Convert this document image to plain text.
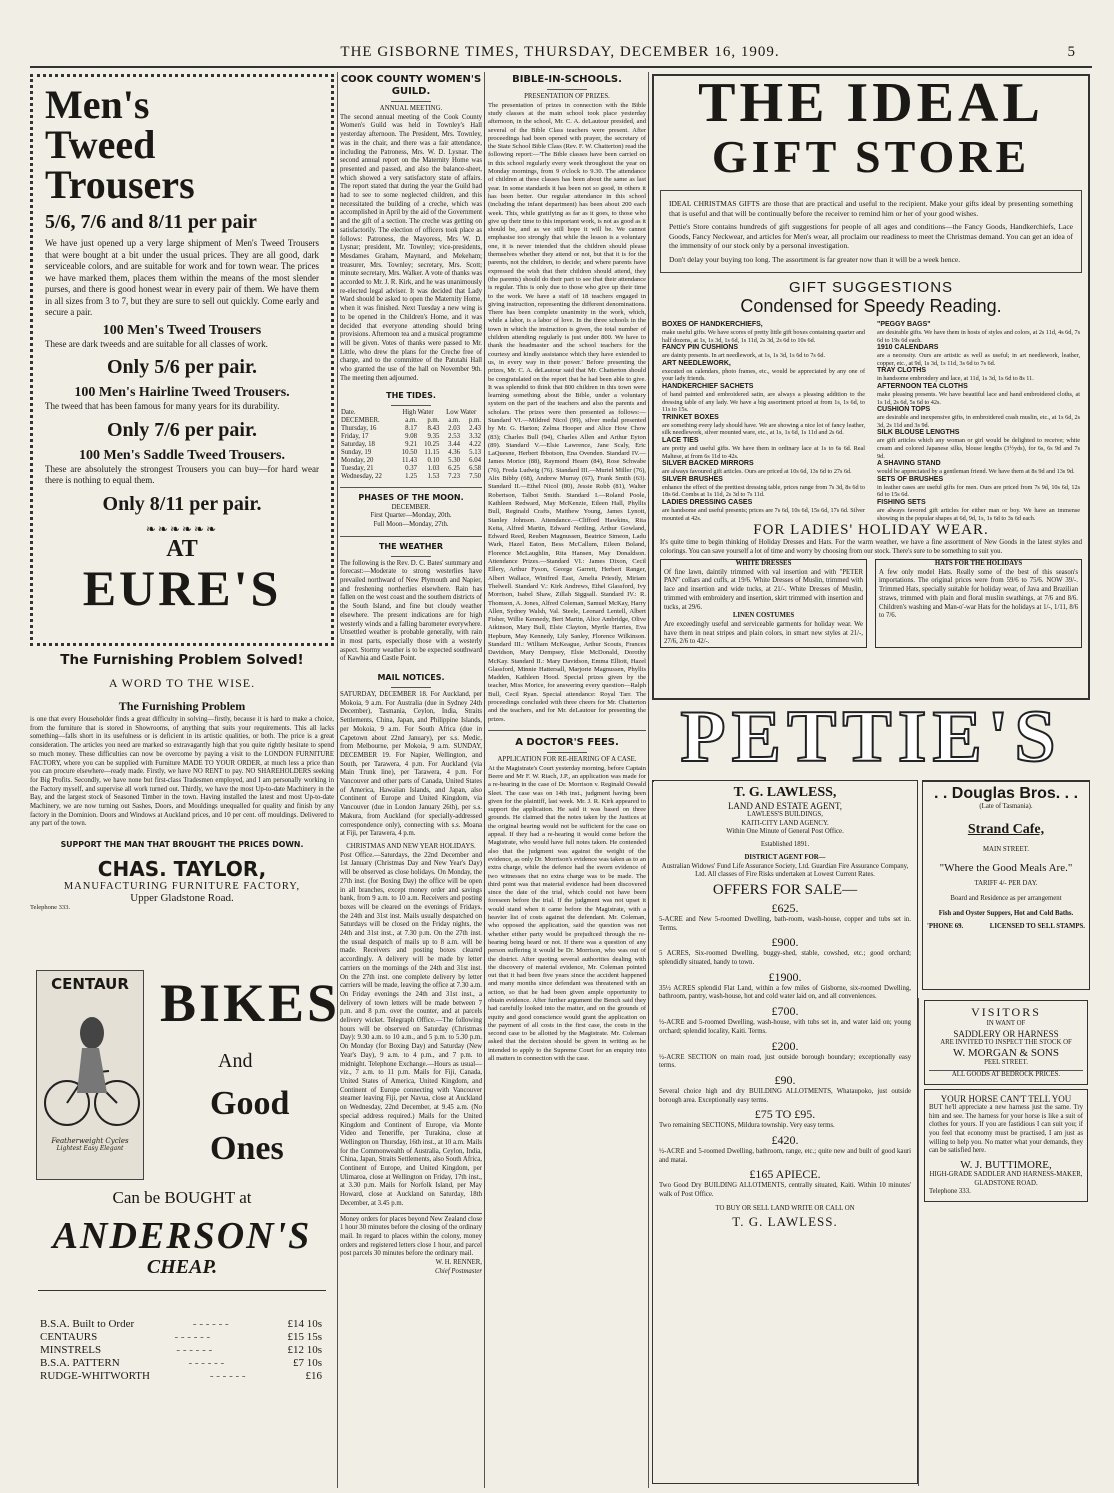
THE GISBORNE TIMES, THURSDAY, DECEMBER 16, 1909.	5
Men's
Tweed
Trousers
5/6, 7/6 and 8/11 per pair
We have just opened up a very large shipment of Men's Tweed Trousers that were bought at a bit under the usual prices. They are all good, dark serviceable colors, and are suitable for work and for town wear. The prices we have marked them, places them within the means of the most slender purses, and there is good honest wear in every pair of them. We have them in all sizes from 3 to 7, but they are sure to sell out quickly. Come early and secure a pair.
100 Men's Tweed Trousers
These are dark tweeds and are suitable for all classes of work.
Only 5/6 per pair.
100 Men's Hairline Tweed Trousers.
The tweed that has been famous for many years for its durability.
Only 7/6 per pair.
100 Men's Saddle Tweed Trousers.
These are absolutely the strongest Trousers you can buy—for hard wear there is nothing to equal them.
Only 8/11 per pair.
❧❧❧❧❧❧
AT
EURE'S
The Furnishing Problem Solved!
A WORD TO THE WISE.
The Furnishing Problem
is one that every Householder finds a great difficulty in solving—firstly, because it is hard to make a choice, from the furniture that is stored in Showrooms, of anything that suits your requirements. This all lacks something—falls short in its usefulness or is deficient in its artistic qualities, or both. The price is a great consideration. The articles you need are marked so extravagantly high that you quite rightly hesitate to spend so much money. These difficulties can now be overcome by paying a visit to the LONDON FURNITURE FACTORY, where you can be supplied with Furniture MADE TO YOUR ORDER, at much less a price than you can procure elsewhere—ready made. Firstly, we have NO RENT to pay. NO SHAREHOLDERS seeking for Big Profits. Secondly, we have none but first-class Tradesmen employed, and I am personally working in the Factory myself, and supervise all work turned out. Thirdly, we have the most Up-to-date Machinery in the Bay, and the largest stock of Seasoned Timber in the town. Having installed the latest and most Up-to-date Machinery, we are now turning out Sashes, Doors, and Mouldings unequalled for quality and finish by any factory in the Dominion. Doors and Windows at Auckland prices, and 10 per cent. off mouldings. Delivered to any part of the town.
SUPPORT THE MAN THAT BROUGHT THE PRICES DOWN.
CHAS. TAYLOR,
MANUFACTURING FURNITURE FACTORY,
Upper Gladstone Road.
Telephone 333.
CENTAUR
Featherweight Cycles
Lightest Easy Elegant
BIKES
And
Good
Ones
Can be BOUGHT at
ANDERSON'S
CHEAP.
B.S.A. Built to Order	- - - - - -	£14 10s
CENTAURS	- - - - - -	£15 15s
MINSTRELS	- - - - - -	£12 10s
B.S.A. PATTERN	- - - - - -	£7 10s
RUDGE-WHITWORTH	- - - - - -	£16
COOK COUNTY WOMEN'S GUILD.
ANNUAL MEETING.
The second annual meeting of the Cook County Women's Guild was held in Townley's Hall yesterday afternoon. The President, Mrs. Townley, was in the chair, and there was a fair attendance, including the Patroness, Mrs. W. D. Lysnar. The second annual report on the Maternity Home was presented and passed, and also the balance-sheet, which showed a very satisfactory state of affairs. The report stated that during the year the Guild had had to see to some neglected children, and this necessitated the building of a creche, which was accomplished in April by the aid of the Government and the gift of a section. The creche was getting on satisfactorily. The election of officers took place as follows: Patroness, the Mayoress, Mrs W. D. Lysnar; president, Mr. Townley; vice-presidents, Mesdames Graham, Maynard, and Mekeham; treasurer, Mrs. Townley; secretary, Mrs. Scott; minute secretary, Mrs. Walker. A vote of thanks was accorded to Mr. J. R. Kirk, and he was unanimously re-elected legal adviser. It was decided that Lady Ward should be asked to open the Maternity Home, when it was finished. Next Tuesday a new wing is to be opened in the Children's Home, and it was decided that everyone attending should bring provisions. Afternoon tea and a musical programme will be given. Votes of thanks were passed to Mr. Little, who drew the plans for the Creche free of charge, and to the committee of the Patutahi Hall who granted the use of the hall on November 9th. The meeting then adjourned.
THE TIDES.
Date.	High Water		Low Water	
DECEMBER.	a.m.	p.m.	a.m.	p.m.
Thursday, 16	8.17	8.43	2.03	2.43
Friday, 17	9.08	9.35	2.53	3.32
Saturday, 18	9.21	10.25	3.44	4.22
Sunday, 19	10.50	11.15	4.36	5.13
Monday, 20	11.43	0.10	5.30	6.04
Tuesday, 21	0.37	1.03	6.25	6.58
Wednesday, 22	1.25	1.53	7.23	7.50
PHASES OF THE MOON.
DECEMBER.
First Quarter—Monday, 20th.
Full Moon—Monday, 27th.
THE WEATHER
The following is the Rev. D. C. Bates' summary and forecast:—Moderate to strong westerlies have prevailed northward of New Plymouth and Napier, and freshening northerlies elsewhere. Rain has fallen on the west coast and the southern districts of the South Island, and fine but cloudy weather elsewhere. The present indications are for high westerly winds and a falling barometer everywhere. Unsettled weather is probable generally, with rain in most parts, especially those with a westerly aspect. Stormy weather is to be expected southward of Kawhia and Castle Point.
MAIL NOTICES.
SATURDAY, DECEMBER 18. For Auckland, per Mokoia, 9 a.m. For Australia (due in Sydney 24th December), Tasmania, Ceylon, India, Straits Settlements, China, Japan, and Philippine Islands, per Mokoia, 9 a.m. For South Africa (due in Capetown about 22nd January), per s.s. Medic, from Melbourne, per Mokoia, 9 a.m. SUNDAY, DECEMBER 19. For Napier, Wellington, and South, per Tarawera, 4 p.m. For Auckland (via Main Trunk line), per Tarawera, 4 p.m. For Vancouver and other parts of Canada, United States of America, Hawaiian Islands, and Japan, also Continent of Europe and United Kingdom, via Vancouver (due in London January 26th), per s.s. Makura, from Auckland (for specially-addressed correspondence only), connecting with s.s. Moana at Fiji, per Tarawera, 4 p.m.
CHRISTMAS AND NEW YEAR HOLIDAYS.
Post Office.—Saturdays, the 22nd December and 1st January (Christmas Day and New Year's Day) will be observed as close holidays. On Monday, the 27th inst. (for Boxing Day) the office will be open in all branches, except money order and savings bank, from 9 a.m. to 10 a.m. Receivers and posting boxes will be cleared on the evenings of Fridays, the 24th and 31st inst. Mails usually despatched on Saturdays will be closed on the Friday nights, the 24th and 31st inst., at 7.30 p.m. On the 27th inst. the usual despatch of mails up to 8 a.m. will be made. Receivers and posting boxes cleared accordingly. A delivery will be made by letter carriers on the mornings of the 24th and 31st inst. On the 27th inst. one complete delivery by letter carriers will be made, leaving the office at 7.30 a.m. On Friday evenings the 24th and 31st inst., a delivery of town letters will be made between 7 p.m. and 8 p.m. over the counter, and at parcels delivery wicket. Telegraph Office.—The following hours will be observed on Saturday (Christmas Day): 9.30 a.m. to 10 a.m., and 5 p.m. to 5.30 p.m. On Monday (for Boxing Day) and Saturday (New Year's Day), 9 a.m. to 4 p.m., and 7 p.m. to midnight. Telephone Exchange.—Hours as usual—viz., 7 a.m. to 11 p.m. Mails for Fiji, Canada, United States of America, United Kingdom, and Continent of Europe connecting with Vancouver steamer leaving Fiji, per Navua, close at Auckland on Wednesday, 22nd December, at 9.45 a.m. (No special address required.) Mails for the United Kingdom and Continent of Europe, via Monte Video and Teneriffe, per Turakina, close at Wellington on Thursday, 16th inst., at 10 a.m. Mails for the Commonwealth of Australia, Ceylon, India, China, Japan, Straits Settlements, also South Africa, Continent of Europe, and United Kingdom, per Ulimaroa, close at Wellington on Friday, 17th inst., at 3.30 p.m. Mails for Norfolk Island, per May Howard, close at Auckland on Saturday, 18th December, at 3.45 p.m.
Money orders for places beyond New Zealand close 1 hour 30 minutes before the closing of the ordinary mail. In regard to places within the colony, money orders and registered letters close 1 hour, and parcel post parcels 30 minutes before the ordinary mail.
W. H. RENNER,
Chief Postmaster
BIBLE-IN-SCHOOLS.
PRESENTATION OF PRIZES.
The presentation of prizes in connection with the Bible study classes at the main school took place yesterday afternoon, in the school, Mr. C. A. deLautour presided, and several of the Bible Class teachers were present. After proceedings had been opened with prayer, the secretary of the State School Bible Class (Rev. F. W. Chatterton) read the following report:—'The Bible classes have been carried on in this school regularly every week throughout the year on Monday mornings, from 9 o'clock to 9.30. The attendance of children at these classes has been about the same as last year. In some standards it has been not so good, in others it has been better. Our regular attendance in this school (including the infant department) has been about 200 each week. This, while gratifying as far as it goes, to those who give up their time to this important work, is not as good as it should be, and as we still hope it will be. We cannot emphasise too strongly that while the lesson is a voluntary one, it is never intended that the children should please themselves whether they attend or not, but that it is for the parents, not the children, to decide; and where parents have expressed the wish that their children should attend, they (the parents) should do their part to see that their attendance is regular. This is only due to those who give up their time to the work. We have a staff of 18 teachers engaged in giving instruction, representing the different denominations. There has been complete unanimity in the work, which, while a labor, is a labor of love. In the three schools in the town in which the instruction is given, the total number of children attending regularly is just under 800. We have to thank the headmaster and the school teachers for the courtesy and kindly assistance which they have extended to us, in every way in their power.' Before presenting the prizes, Mr. C. A. deLautour said that Mr. Chatterton should be congratulated on the report that he had been able to give. It was splendid to think that 800 children in this town were learning something about the Bible, under a voluntary system on the part of the teachers and also the parents and scholars. The prizes were then presented as follows:— Standard VI.—Mildred Nicol (99), silver medal presented by Mr. G. Harton; Zelma Hooper and Alice How Chow (83); Charles Bull (94), Charles Allen and Arthur Eyton (89). Standard V.—Elsie Lawrence, Jane Scaly, Eric LaQuesne, Herbert Ibbotson, Ena Ovenden. Standard IV.—James Morice (88), Raymond Hearn (84), Rose Schwabe (76), Freda Ludwig (76). Standard III.—Muriel Miller (76), Alix Bibby (68), Andrew Murray (67), Frank Smith (63). Standard II.—Ethel Nicol (80), Jessie Robb (81), Walter Robertson, Talbot Smith. Standard I.—Roland Poole, Kathleen Redward, May McKenzie, Eileen Hall, Phyllis Bull, Reginald Crafts, Matthew Young, James Lynott, Stanley Johnson. Attendance.—Clifford Hawkins, Rita Keita, Alfred Martin, Edward Nettling, Arthur Gowland, Edward Reed, Reuben Magnussen, Beatrice Simeon, Ladu Wark, Hazel Eaton, Bess McCallum, Eileen Boland, Florence McLaughlin, Rita Hansen, May Donaldson. Attendance Prizes.—Standard VI.: James Dixon, Cecil Ellery, Arthur Fyson, George Garrett, Herbert Ranger, Albert Wallace, Winifred East, Amelia Priestly, Miriam Thelwell. Standard V.: Kirk Andrews, Ethel Glassford, Ivy Morrison, Isabel Shaw, Zillah Siggsall. Standard IV.: R. Thomson, A. Jones, Alfred Coleman, Samuel McKay, Harry Allen, Sydney Walsh, Val. Steele, Leonard Lentell, Albert Fisher, Willie Kennedy, Bert Martin, Alice Ambridge, Olive Atkinson, Mary Bull, Elsie Clayton, Myrtle Harries, Eva Hepburn, May Kennedy, Lily Sanley, Florence Wilkinson. Standard III.: William McKeague, Arthur Scouts, Frances Davidson, Mary Dempsey, Elsie McDonald, Dorothy McKay. Standard II.: Mary Davidson, Emma Elliott, Hazel Glassford, Minnie Hattersall, Marjorie Magnussen, Phyllis Madden, Kathleen Hood. Special prizes given by the teacher, Miss Morice, for answering every question—Ralph Bull, Cecil Ryan. Special attendance: Royal Tarr. The proceedings concluded with three cheers for Mr. Chatterton and the teachers, and for Mr. deLautour for presenting the prizes.
A DOCTOR'S FEES.
APPLICATION FOR RE-HEARING OF A CASE.
At the Magistrate's Court yesterday morning, before Captain Beere and Mr F. W. Riach, J.P., an application was made for a re-hearing in the case of Dr. Morrison v. Reginald Oswald Sleet. The case was on 14th inst., judgment having been given for the plaintiff, last week. Mr. J. R. Kirk appeared to support the application. He said it was based on three grounds. He claimed that the notes taken by the Justices at the original hearing would not be sufficient for the case on appeal. If they had a re-hearing it would come before the Magistrate, who would have full notes taken. He contended also that the judgment was against the weight of the evidence, as only Dr. Morrison's evidence was taken as to an extra charge, while the defence had the sworn evidence of two witnesses that no extra charge was to be made. The third point was that material evidence had been discovered since the date of the trial, which could not have been foreseen before the trial. If the judgment was not upset it would stand when it came before the Magistrate, with a heavier list of costs against the defendant. Mr. Coleman, who opposed the application, said the question was not whether either party would be prejudiced through the re-hearing being heard or not. If there was a question of any person suffering it would be Dr. Morrison, who was out of the district. After quoting several authorities dealing with the discovery of material evidence, Mr. Coleman pointed out that it had been five years since the accident happened and many months since defendant was threatened with an action, so that he had been given ample opportunity to obtain evidence. After further argument the Bench said they had carefully looked into the matter, and on the grounds of equity and good conscience would grant the application on the payment of all costs in the first case, the costs in the second case to be allotted by the Magistrate. Mr. Coleman asked that the decision should be given in writing as he intended to apply to the Supreme Court for an enquiry into all matters in connection with the case.
THE IDEAL
GIFT STORE
IDEAL CHRISTMAS GIFTS are those that are practical and useful to the recipient. Make your gifts ideal by presenting something that is useful and that will be continually before the receiver to remind him or her of your good wishes.
Pettie's Store contains hundreds of gift suggestions for people of all ages and conditions—the Fancy Goods, Handkerchiefs, Lace Goods, Fancy Neckwear, and articles for Men's wear, all proclaim our readiness to meet the Christmas demand. You can get an idea of the immensity of our stock only by a personal investigation.
Don't delay your buying too long. The assortment is far greater now than it will be a week hence.
GIFT SUGGESTIONS
Condensed for Speedy Reading.
BOXES OF HANDKERCHIEFS,
make useful gifts. We have scores of pretty little gift boxes containing quarter and half dozens, at 1s, 1s 3d, 1s 6d, 1s 11d, 2s 3d, 2s 6d to 10s 6d.
FANCY PIN CUSHIONS
are dainty presents. In art needlework, at 1s, 1s 3d, 1s 6d to 7s 6d.
ART NEEDLEWORK,
executed on calendars, photo frames, etc., would be appreciated by any one of your lady friends.
HANDKERCHIEF SACHETS
of hand painted and embroidered satin, are always a pleasing addition to the dressing table of any lady. We have a big assortment priced at from 1s, 1s 6d, to 11s to 15s.
TRINKET BOXES
are something every lady should have. We are showing a nice lot of fancy leather, silk needlework, silver mounted ware, etc., at 1s, 1s 6d, 1s 11d and 2s 6d.
LACE TIES
are pretty and useful gifts. We have them in ordinary lace at 1s to 6s 6d. Real Maltese, at from 6s 11d to 42s.
SILVER BACKED MIRRORS
are always favoured gift articles. Ours are priced at 10s 6d, 13s 6d to 27s 6d.
SILVER BRUSHES
enhance the effect of the prettiest dressing table, prices range from 7s 3d, 8s 6d to 18s 6d. Combs at 1s 11d, 2s 3d to 7s 11d.
LADIES DRESSING CASES
are handsome and useful presents; prices are 7s 6d, 10s 6d, 15s 6d, 17s 6d. Silver mounted at 42s.
"PEGGY BAGS"
are desirable gifts. We have them in hosts of styles and colors, at 2s 11d, 4s 6d, 7s 6d to 19s 6d each.
1910 CALENDARS
are a necessity. Ours are artistic as well as useful; in art needlework, leather, copper, etc., at 9d, 1s 3d, 1s 11d, 3s 6d to 7s 6d.
TRAY CLOTHS
in handsome embroidery and lace, at 11d, 1s 3d, 1s 6d to 8s 11.
AFTERNOON TEA CLOTHS
make pleasing presents. We have beautiful lace and hand embroidered cloths, at 1s 1d, 2s 6d, 5s 6d to 42s.
CUSHION TOPS
are desirable and inexpensive gifts, in embroidered crash muslin, etc., at 1s 6d, 2s 3d, 2s 11d and 3s 9d.
SILK BLOUSE LENGTHS
are gift articles which any woman or girl would be delighted to receive; white cream and colored Japanese silks, blouse lengths (3½yds), for 6s, 6s 9d and 7s 9d.
A SHAVING STAND
would be appreciated by a gentleman friend. We have them at 8s 9d and 13s 9d.
SETS OF BRUSHES
in leather cases are useful gifts for men. Ours are priced from 7s 9d, 10s 6d, 12s 6d to 15s 6d.
FISHING SETS
are always favored gift articles for either man or boy. We have an immense showing in the popular shapes at 6d, 9d, 1s, 1s 6d to 3s 6d each.
PETTIE'S
FOR LADIES' HOLIDAY WEAR.
It's quite time to begin thinking of Holiday Dresses and Hats. For the warm weather, we have a fine assortment of New Goods in the latest styles and colorings. You can save yourself a lot of time and worry by choosing from our stock. There's sure to be something to suit you.
WHITE DRESSES
Of fine lawn, daintily trimmed with val insertion and with "PETER PAN" collars and cuffs, at 19/6. White Dresses of Muslin, trimmed with lace and insertion and wide tucks, at 21/-. White Dresses of Muslin, trimmed with embroidery and insertion, skirt trimmed with insertion and tucks, at 29/6.
LINEN COSTUMES
Are exceedingly useful and serviceable garments for holiday wear. We have them in neat stripes and plain colors, in smart new styles at 21/-, 27/6, 2/6 to 42/-.
HATS FOR THE HOLIDAYS
A few only model Hats. Really some of the best of this season's importations. The original prices were from 59/6 to 75/6. NOW 39/-. Trimmed Hats, specially suitable for holiday wear, of Java and Brazilian straws, trimmed with plain and floral muslin swathings, at 7/6 and 8/6. Children's washing and Man-o'-war Hats for the holidays at 1/-, 1/11, 8/6 to 7/6.
T. G. LAWLESS,
LAND AND ESTATE AGENT,
LAWLESS'S BUILDINGS,
KAITI-CITY LAND AGENCY.
Within One Minute of General Post Office.
Established 1891.
DISTRICT AGENT FOR—
Australian Widows' Fund Life Assurance Society, Ltd. Guardian Fire Assurance Company, Ltd. All classes of Fire Risks undertaken at Lowest Current Rates.
OFFERS FOR SALE—
£625.
5-ACRE and New 5-roomed Dwelling, bath-room, wash-house, copper and tubs set in. Terms.
£900.
5 ACRES, Six-roomed Dwelling, buggy-shed, stable, cowshed, etc.; good orchard; splendidly situated, handy to town.
£1900.
35½ ACRES splendid Flat Land, within a few miles of Gisborne, six-roomed Dwelling, bathroom, pantry, wash-house, hot and cold water laid on, and all conveniences.
£700.
½-ACRE and 5-roomed Dwelling, wash-house, with tubs set in, and water laid on; young orchard; splendid locality, Kaiti. Terms.
£200.
½-ACRE SECTION on main road, just outside borough boundary; exceptionally easy terms.
£90.
Several choice high and dry BUILDING ALLOTMENTS, Whataupoko, just outside borough area. Exceptionally easy terms.
£75 TO £95.
Two remaining SECTIONS, Mildura township. Very easy terms.
£420.
½-ACRE and 5-roomed Dwelling, bathroom, range, etc.; quite new and built of good kauri and matai.
£165 APIECE.
Two Good Dry BUILDING ALLOTMENTS, centrally situated, Kaiti. Within 10 minutes' walk of Post Office.
TO BUY OR SELL LAND WRITE OR CALL ON
T. G. LAWLESS.
. . Douglas Bros. . .
(Late of Tasmania).
Strand Cafe,
MAIN STREET.
"Where the Good Meals Are."
TARIFF 4/- PER DAY.
Board and Residence as per arrangement
Fish and Oyster Suppers, Hot and Cold Baths.
'PHONE 69.	LICENSED TO SELL STAMPS.
VISITORS
IN WANT OF
SADDLERY OR HARNESS
ARE INVITED TO INSPECT THE STOCK OF
W. MORGAN & SONS
PEEL STREET.
ALL GOODS AT BEDROCK PRICES.
YOUR HORSE CAN'T TELL YOU
BUT he'll appreciate a new harness just the same. Try him and see. The harness for your horse is like a suit of clothes for yours. If you are fastidious I can suit you; if you feel that economy must be practised, I am just as willing to help you. No matter what your demands, they can be satisfied here.
W. J. BUTTIMORE,
HIGH-GRADE SADDLER AND HARNESS-MAKER,
GLADSTONE ROAD.
Telephone 333.
